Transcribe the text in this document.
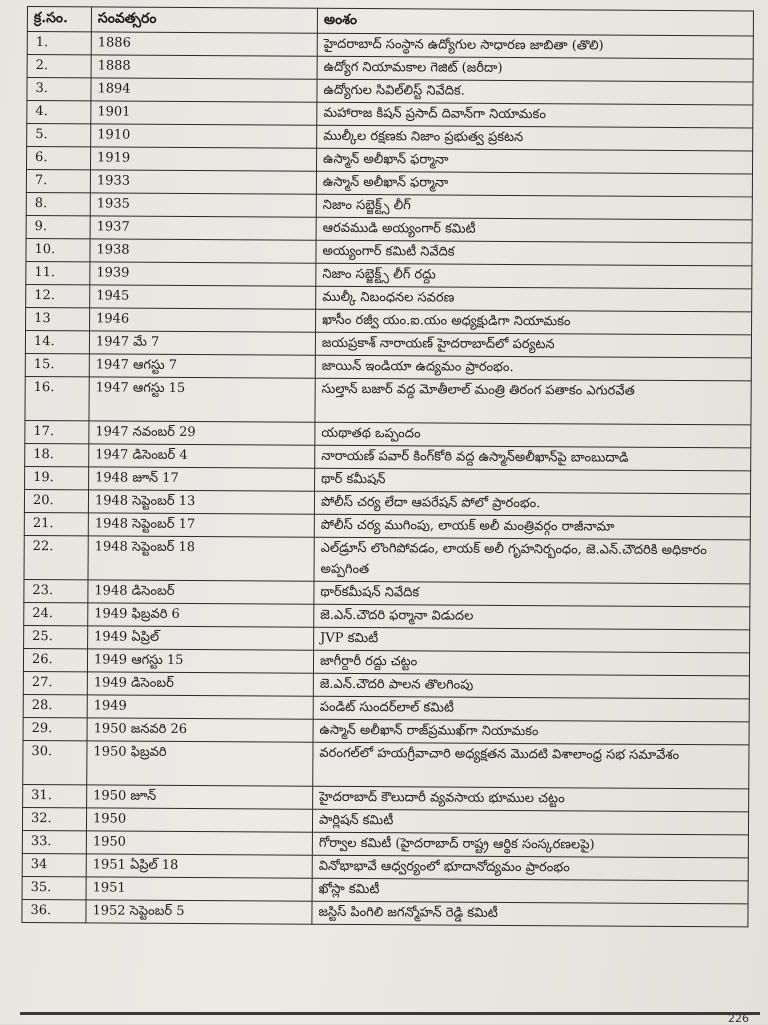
క్ర.సం.	సంవత్సరం	అంశం
1.	1886	హైదరాబాద్ సంస్థాన ఉద్యోగుల సాధారణ జాబితా (తొలి)
2.	1888	ఉద్యోగ నియామకాల గెజిట్ (జరీదా)
3.	1894	ఉద్యోగుల సివిల్‌లిస్ట్ నివేదిక.
4.	1901	మహారాజ కిషన్ ప్రసాద్ దివాన్‌గా నియామకం
5.	1910	ముల్కీల రక్షణకు నిజాం ప్రభుత్వ ప్రకటన
6.	1919	ఉస్మాన్ అలీఖాన్ ఫర్మానా
7.	1933	ఉస్మాన్ అలీఖాన్ ఫర్మానా
8.	1935	నిజాం సబ్జెక్ట్స్ లీగ్
9.	1937	ఆరవముడి అయ్యంగార్ కమిటీ
10.	1938	అయ్యంగార్ కమిటీ నివేదిక
11.	1939	నిజాం సబ్జెక్ట్స్ లీగ్ రద్దు
12.	1945	ముల్కీ నిబంధనల సవరణ
13	1946	ఖాసీం రజ్వీ యం.ఐ.యం అధ్యక్షుడిగా నియామకం
14.	1947 మే 7	జయప్రకాశ్ నారాయణ్ హైదరాబాద్‌లో పర్యటన
15.	1947 ఆగస్టు 7	జాయిన్ ఇండియా ఉద్యమం ప్రారంభం.
16.	1947 ఆగస్టు 15	సుల్తాన్ బజార్ వద్ద మోతీలాల్ మంత్రి తిరంగ పతాకం ఎగురవేత
17.	1947 నవంబర్ 29	యథాతథ ఒప్పందం
18.	1947 డిసెంబర్ 4	నారాయణ్ పవార్ కింగ్‌కోఠి వద్ద ఉస్మాన్‌అలీఖాన్‌పై బాంబుదాడి
19.	1948 జూన్ 17	థార్ కమీషన్
20.	1948 సెప్టెంబర్ 13	పోలీస్ చర్య లేదా ఆపరేషన్ పోలో ప్రారంభం.
21.	1948 సెప్టెంబర్ 17	పోలీస్ చర్య ముగింపు, లాయక్ అలీ మంత్రివర్గం రాజీనామా
22.	1948 సెప్టెంబర్ 18	ఎల్‌డ్రూస్ లొంగిపోవడం, లాయక్ అలీ గృహనిర్బంధం, జె.ఎన్.చౌదరికి అధికారం అప్పగింత
23.	1948 డిసెంబర్	థార్‌కమీషన్ నివేదిక
24.	1949 ఫిబ్రవరి 6	జె.ఎన్.చౌదరి ఫర్మానా విడుదల
25.	1949 ఏప్రిల్	JVP కమిటీ
26.	1949 ఆగస్టు 15	జాగీర్దారీ రద్దు చట్టం
27.	1949 డిసెంబర్	జె.ఎన్.చౌదరి పాలన తొలగింపు
28.	1949	పండిట్ సుందర్‌లాల్ కమిటీ
29.	1950 జనవరి 26	ఉస్మాన్ అలీఖాన్ రాజ్‌ప్రముఖ్‌గా నియామకం
30.	1950 ఫిబ్రవరి	వరంగల్‌లో హయగ్రీవాచారి అధ్యక్షతన మొదటి విశాలాంధ్ర సభ సమావేశం
31.	1950 జూన్	హైదరాబాద్ కౌలుదారీ వ్యవసాయ భూముల చట్టం
32.	1950	పార్లిషన్ కమిటీ
33.	1950	గోర్వాల కమిటీ (హైదరాబాద్ రాష్ట్ర ఆర్థిక సంస్కరణలపై)
34	1951 ఏప్రిల్ 18	వినోభాభావే ఆధ్వర్యంలో భూదానోద్యమం ప్రారంభం
35.	1951	ఖోస్లా కమిటీ
36.	1952 సెప్టెంబర్ 5	జస్టిస్ పింగిలి జగన్మోహన్ రెడ్డి కమిటీ
226
